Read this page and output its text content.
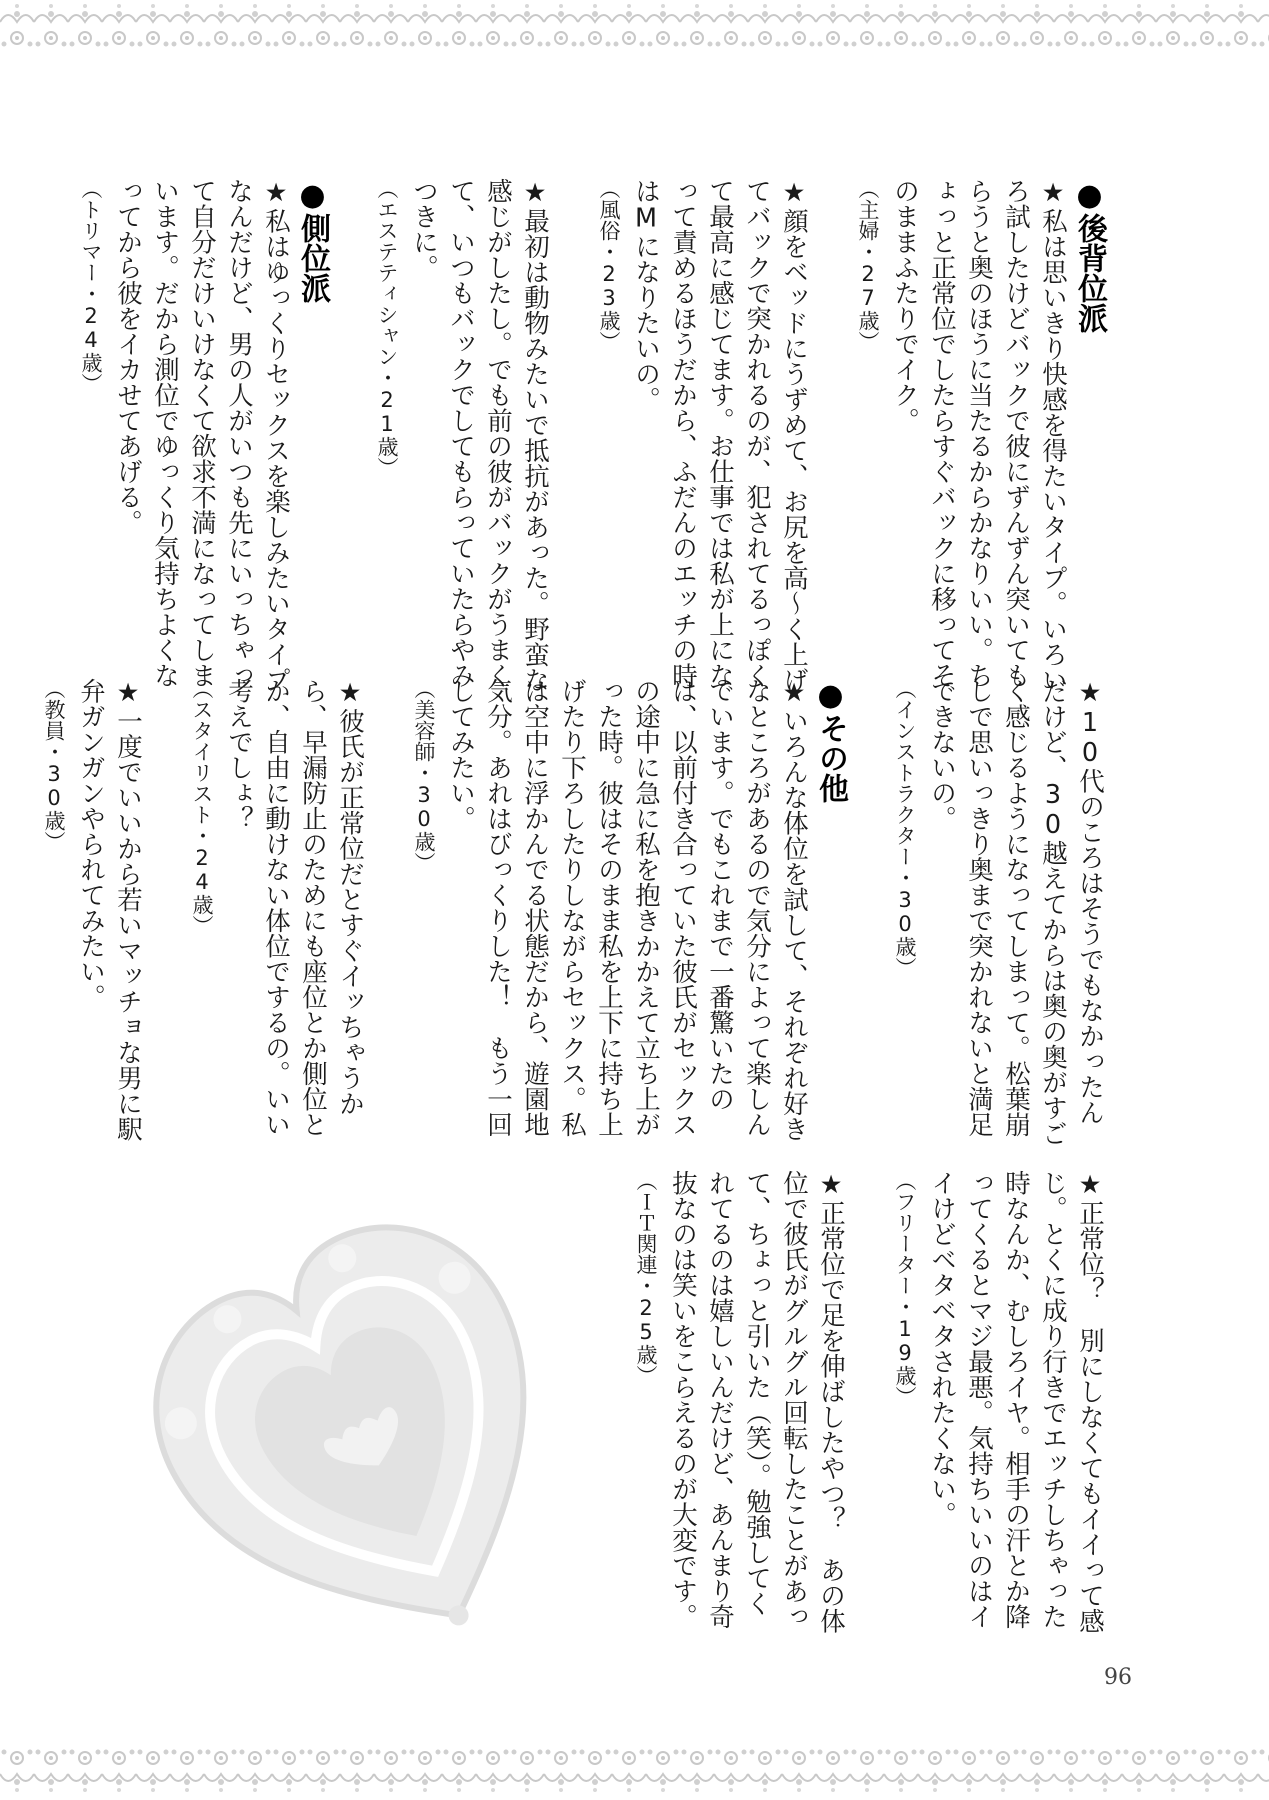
●後背位派
★私は思いきり快感を得たいタイプ。いろいろ試したけどバックで彼にずんずん突いてもらうと奥のほうに当たるからかなりいい。ちょっと正常位でしたらすぐバックに移ってそのままふたりでイク。
（主婦・27歳）
★顔をベッドにうずめて、お尻を高～く上げてバックで突かれるのが、犯されてるっぽくて最高に感じてます。お仕事では私が上になって責めるほうだから、ふだんのエッチの時はMになりたいの。
（風俗・23歳）
★最初は動物みたいで抵抗があった。野蛮な感じがしたし。でも前の彼がバックがうまくて、いつもバックでしてもらっていたらやみつきに。
（エステティシャン・21歳）
●側位派
★私はゆっくりセックスを楽しみたいタイプなんだけど、男の人がいつも先にいっちゃって自分だけいけなくて欲求不満になってしまいます。だから測位でゆっくり気持ちよくなってから彼をイカせてあげる。
（トリマー・24歳）
★10代のころはそうでもなかったんだけど、30越えてからは奥の奥がすごく感じるようになってしまって。松葉崩しで思いっきり奥まで突かれないと満足できないの。
（インストラクター・30歳）
●その他
★いろんな体位を試して、それぞれ好きなところがあるので気分によって楽しんでいます。でもこれまで一番驚いたのは、以前付き合っていた彼氏がセックスの途中に急に私を抱きかかえて立ち上がった時。彼はそのまま私を上下に持ち上げたり下ろしたりしながらセックス。私は空中に浮かんでる状態だから、遊園地気分。あれはびっくりした！　もう一回してみたい。
（美容師・30歳）
★彼氏が正常位だとすぐイッちゃうから、早漏防止のためにも座位とか側位とか、自由に動けない体位でするの。いい考えでしょ？
（スタイリスト・24歳）
★一度でいいから若いマッチョな男に駅弁ガンガンやられてみたい。
（教員・30歳）
★正常位？　別にしなくてもイイって感じ。とくに成り行きでエッチしちゃった時なんか、むしろイヤ。相手の汗とか降ってくるとマジ最悪。気持ちいいのはイイけどベタベタされたくない。
（フリーター・19歳）
★正常位で足を伸ばしたやつ？　あの体位で彼氏がグルグル回転したことがあって、ちょっと引いた（笑）。勉強してくれてるのは嬉しいんだけど、あんまり奇抜なのは笑いをこらえるのが大変です。
（ＩＴ関連・25歳）
96
